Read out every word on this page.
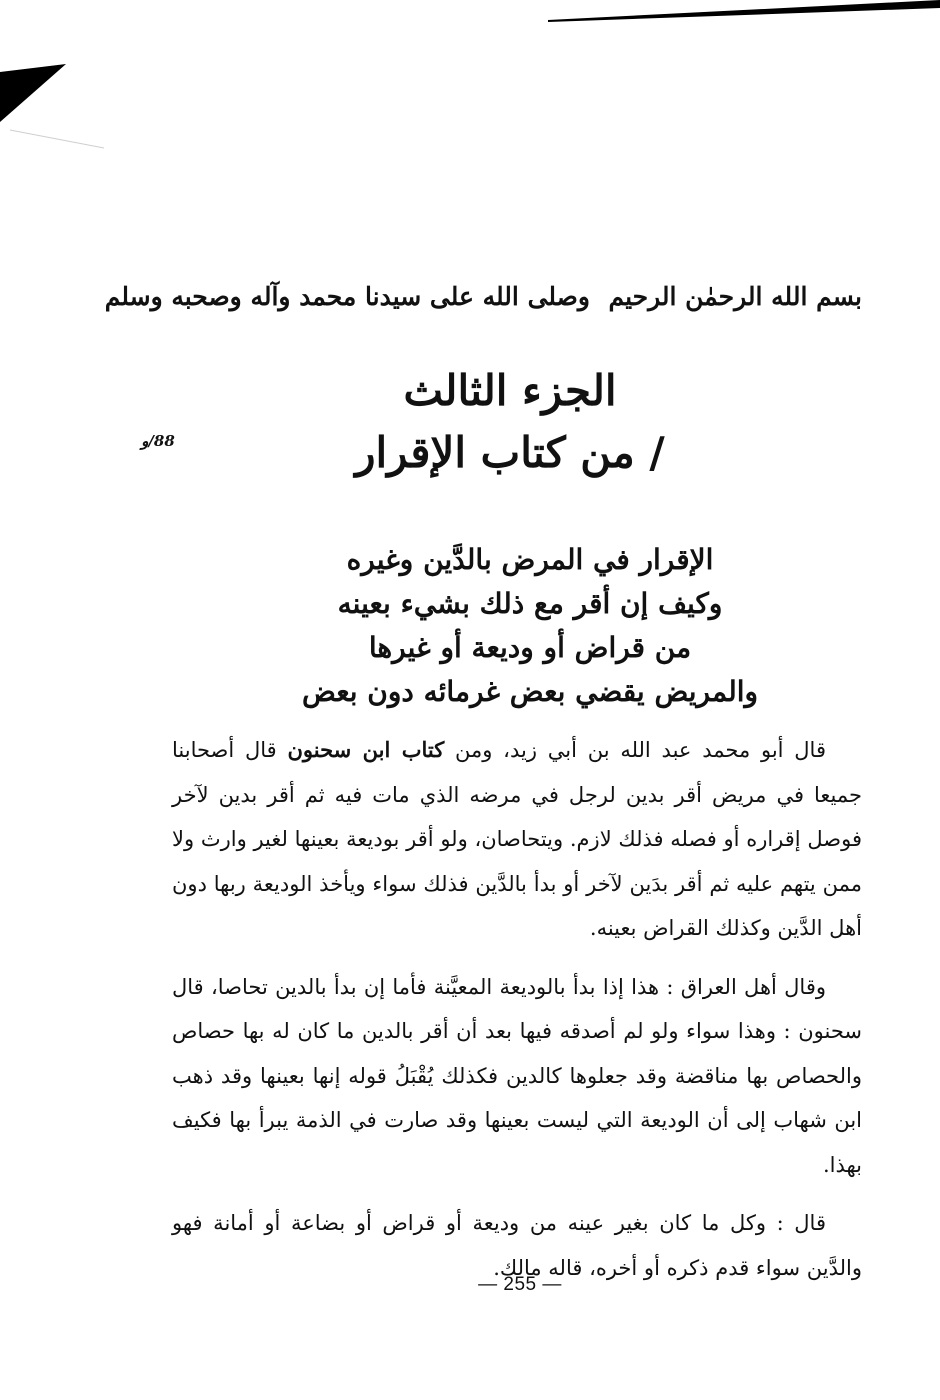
بسم الله الرحمٰن الرحيم
وصلى الله على سيدنا محمد وآله وصحبه وسلم
الجزء الثالث
/ من كتاب الإقرار
88/و
الإقرار في المرض بالدَّين وغيره
وكيف إن أقر مع ذلك بشيء بعينه
من قراض أو وديعة أو غيرها
والمريض يقضي بعض غرمائه دون بعض

قال أبو محمد عبد الله بن أبي زيد، ومن كتاب ابن سحنون قال أصحابنا جميعا في مريض أقر بدين لرجل في مرضه الذي مات فيه ثم أقر بدين لآخر فوصل إقراره أو فصله فذلك لازم. ويتحاصان، ولو أقر بوديعة بعينها لغير وارث ولا ممن يتهم عليه ثم أقر بدَين لآخر أو بدأ بالدَّين فذلك سواء ويأخذ الوديعة ربها دون أهل الدَّين وكذلك القراض بعينه.

وقال أهل العراق : هذا إذا بدأ بالوديعة المعيَّنة فأما إن بدأ بالدين تحاصا، قال سحنون : وهذا سواء ولو لم أصدقه فيها بعد أن أقر بالدين ما كان له بها حصاص والحصاص بها مناقضة وقد جعلوها كالدين فكذلك يُقْبَلُ قوله إنها بعينها وقد ذهب ابن شهاب إلى أن الوديعة التي ليست بعينها وقد صارت في الذمة يبرأ بها فكيف بهذا.

قال : وكل ما كان بغير عينه من وديعة أو قراض أو بضاعة أو أمانة فهو والدَّين سواء قدم ذكره أو أخره، قاله مالك.

— 255 —
